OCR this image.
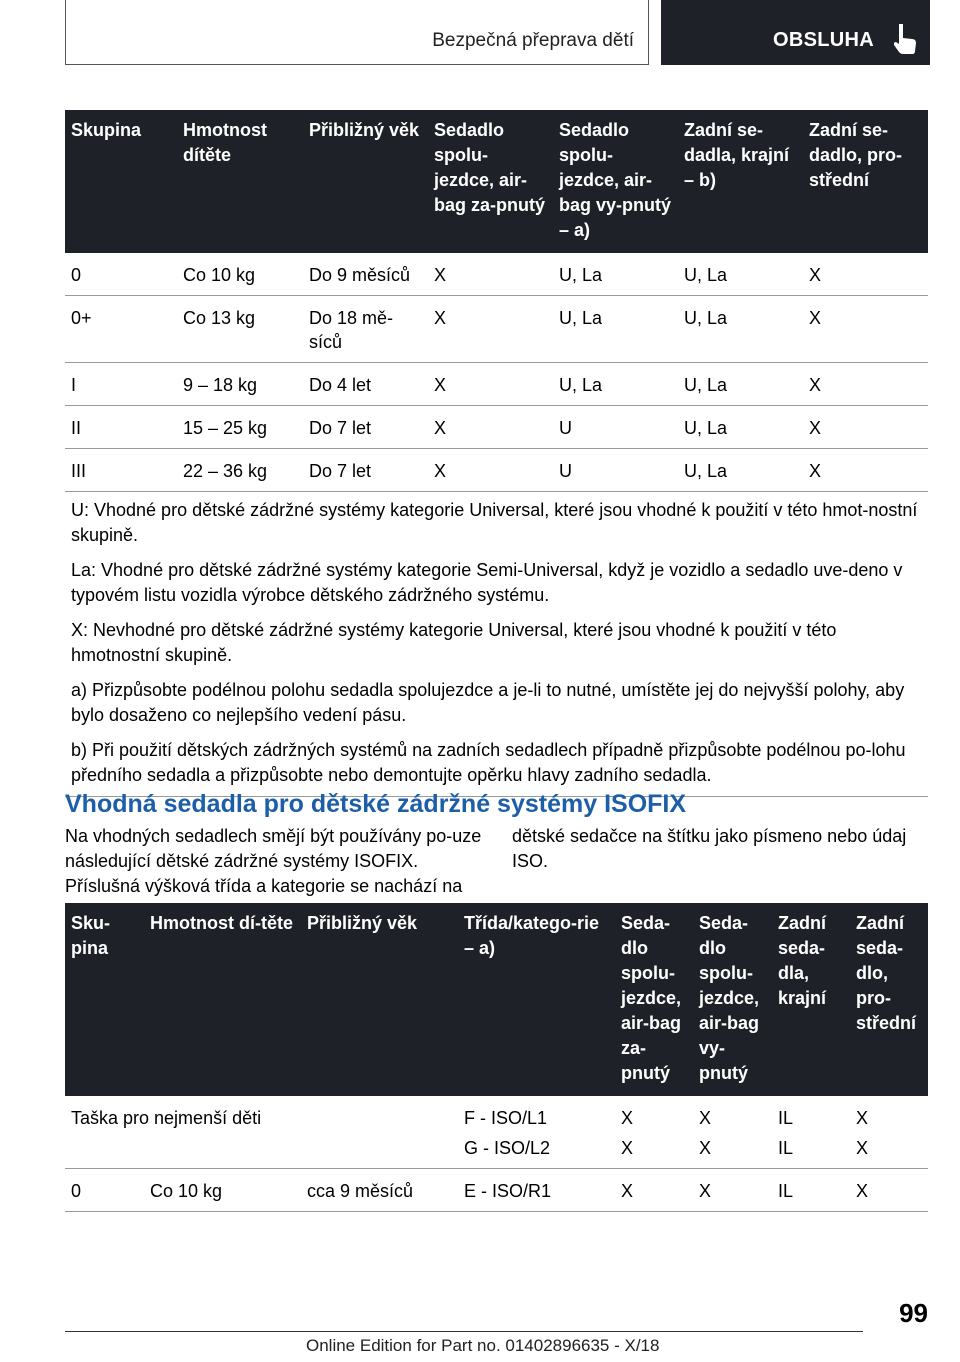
Bezpečná přeprava dětí	OBSLUHA
Skupina	Hmotnost dítěte	Přibližný věk	Sedadlo spolu-jezdce, air-bag za-pnutý	Sedadlo spolu-jezdce, air-bag vy-pnutý – a)	Zadní se-dadla, krajní – b)	Zadní se-dadlo, pro-střední
0	Co 10 kg	Do 9 měsíců	X	U, La	U, La	X
0+	Co 13 kg	Do 18 mě-síců	X	U, La	U, La	X
I	9 – 18 kg	Do 4 let	X	U, La	U, La	X
II	15 – 25 kg	Do 7 let	X	U	U, La	X
III	22 – 36 kg	Do 7 let	X	U	U, La	X

U: Vhodné pro dětské zádržné systémy kategorie Universal, které jsou vhodné k použití v této hmot-nostní skupině.

La: Vhodné pro dětské zádržné systémy kategorie Semi-Universal, když je vozidlo a sedadlo uve-deno v typovém listu vozidla výrobce dětského zádržného systému.

X: Nevhodné pro dětské zádržné systémy kategorie Universal, které jsou vhodné k použití v této hmotnostní skupině.

a) Přizpůsobte podélnou polohu sedadla spolujezdce a je-li to nutné, umístěte jej do nejvyšší polohy, aby bylo dosaženo co nejlepšího vedení pásu.

b) Při použití dětských zádržných systémů na zadních sedadlech případně přizpůsobte podélnou po-lohu předního sedadla a přizpůsobte nebo demontujte opěrku hlavy zadního sedadla.						

Vhodná sedadla pro dětské zádržné systémy ISOFIX

Na vhodných sedadlech smějí být používány po-uze následující dětské zádržné systémy ISOFIX. Příslušná výšková třída a kategorie se nachází na

dětské sedačce na štítku jako písmeno nebo údaj ISO.

Sku-pina	Hmotnost dí-těte	Přibližný věk	Třída/katego-rie – a)	Seda-dlo spolu-jezdce, air-bag za-pnutý	Seda-dlo spolu-jezdce, air-bag vy-pnutý	Zadní seda-dla, krajní	Zadní seda-dlo, pro-střední
Taška pro nejmenší děti			F - ISO/L1	X	X	IL	X
			G - ISO/L2	X	X	IL	X
0	Co 10 kg	cca 9 měsíců	E - ISO/R1	X	X	IL	X
99
Online Edition for Part no. 01402896635 - X/18
